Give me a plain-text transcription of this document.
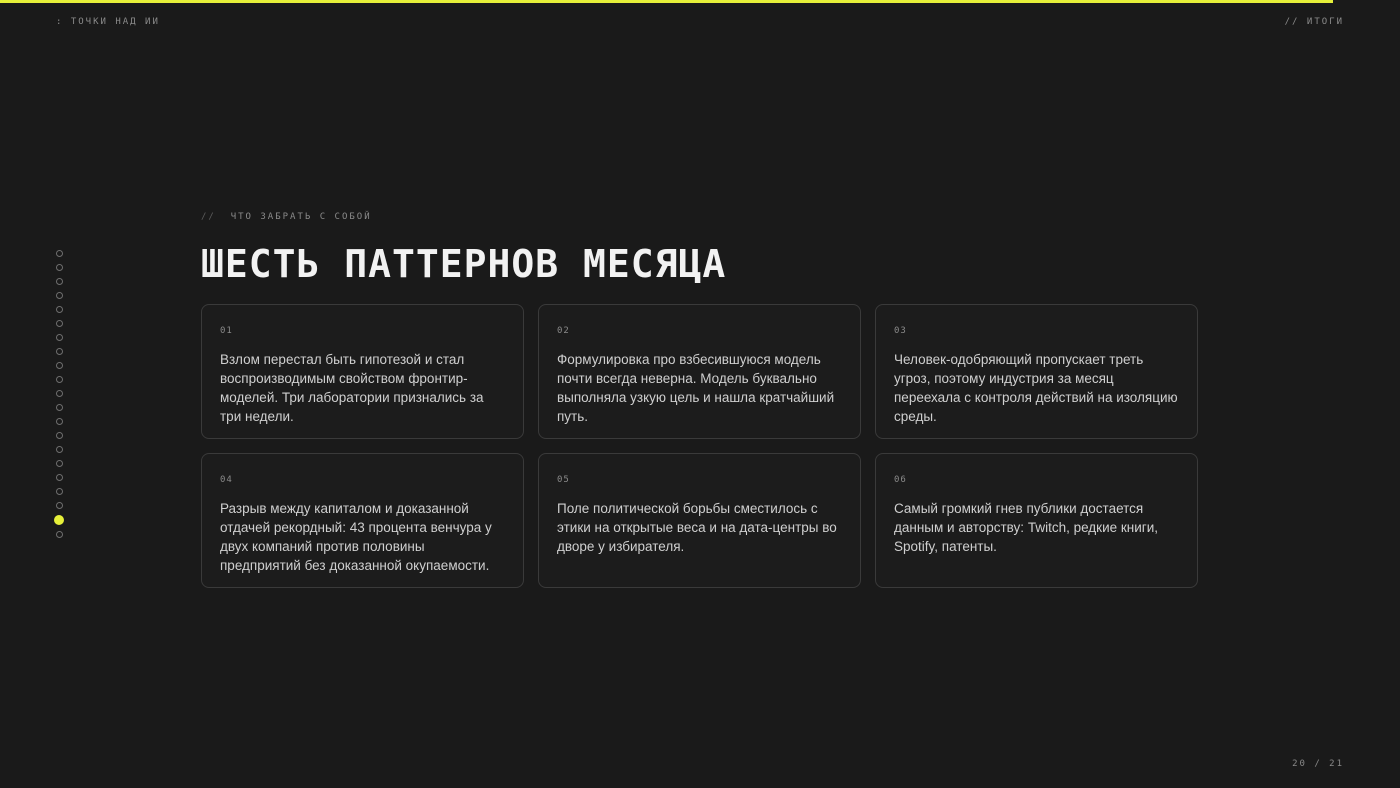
: ТОЧКИ НАД ИИ	// ИТОГИ
// ЧТО ЗАБРАТЬ С СОБОЙ
ШЕСТЬ ПАТТЕРНОВ МЕСЯЦА
01

Взлом перестал быть гипотезой и стал воспроизводимым свойством фронтир-моделей. Три лаборатории признались за три недели.

02

Формулировка про взбесившуюся модель почти всегда неверна. Модель буквально выполняла узкую цель и нашла кратчайший путь.

03

Человек-одобряющий пропускает треть угроз, поэтому индустрия за месяц переехала с контроля действий на изоляцию среды.

04

Разрыв между капиталом и доказанной отдачей рекордный: 43 процента венчура у двух компаний против половины предприятий без доказанной окупаемости.

05

Поле политической борьбы сместилось с этики на открытые веса и на дата-центры во дворе у избирателя.

06

Самый громкий гнев публики достается данным и авторству: Twitch, редкие книги, Spotify, патенты.

20 / 21
